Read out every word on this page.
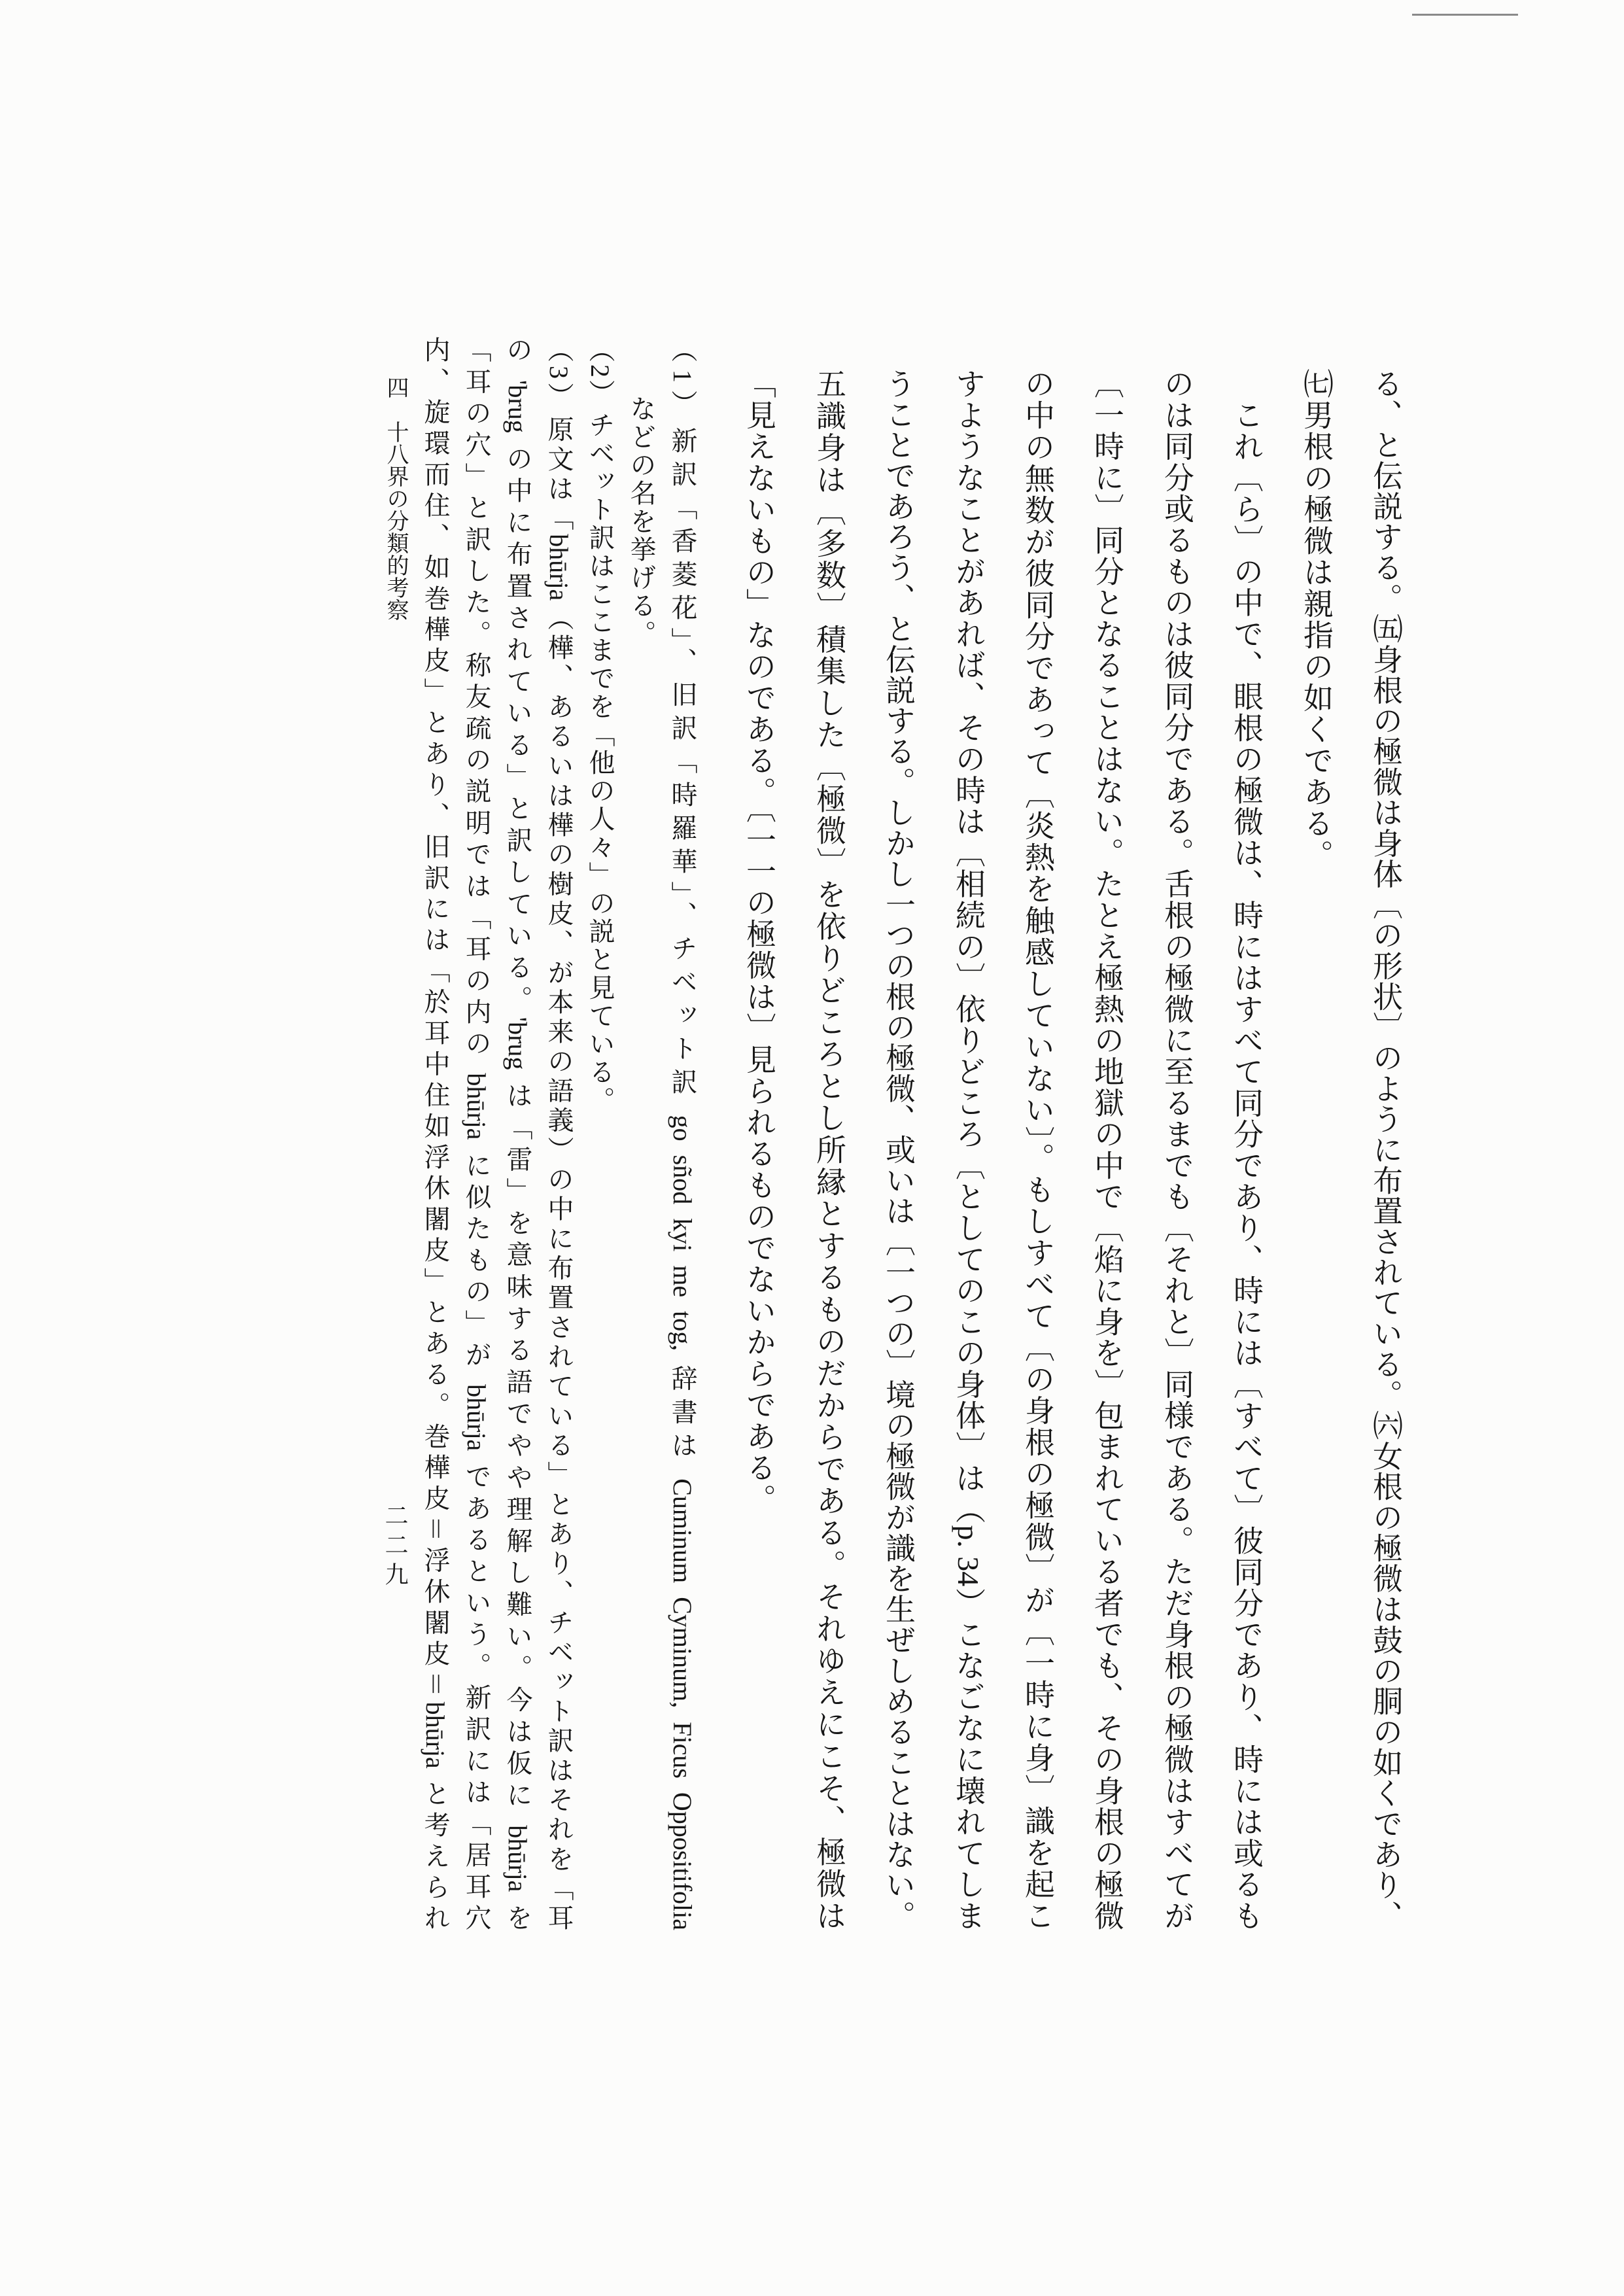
る、と伝説する。㈤身根の極微は身体〔の形状〕のように布置されている。㈥女根の極微は鼓の胴の如くであり、
㈦男根の極微は親指の如くである。
これ〔ら〕の中で、眼根の極微は、時にはすべて同分であり、時には〔すべて〕彼同分であり、時には或るも
のは同分或るものは彼同分である。舌根の極微に至るまでも〔それと〕同様である。ただ身根の極微はすべてが
〔一時に〕同分となることはない。たとえ極熱の地獄の中で〔焰に身を〕包まれている者でも、その身根の極微
の中の無数が彼同分であって〔炎熱を触感していない〕。もしすべて〔の身根の極微〕が〔一時に身〕識を起こ
すようなことがあれば、その時は〔相続の〕依りどころ〔としてのこの身体〕は（p. 34）こなごなに壊れてしま
うことであろう、と伝説する。しかし一つの根の極微、或いは〔一つの〕境の極微が識を生ぜしめることはない。
五識身は〔多数〕積集した〔極微〕を依りどころとし所縁とするものだからである。それゆえにこそ、極微は
「見えないもの」なのである。〔一一の極微は〕見られるものでないからである。
（1）新訳「香菱花」、旧訳「時羅華」、チベット訳 go sñod kyi me tog, 辞書は Cuminum Cyminum, Ficus Oppositifolia
などの名を挙げる。
（2）チベット訳はここまでを「他の人々」の説と見ている。
（3）原文は「bhūrja（樺、あるいは樺の樹皮、が本来の語義）の中に布置されている」とあり、チベット訳はそれを「耳
の 'brug の中に布置されている」と訳している。'brug は「雷」を意味する語でやや理解し難い。今は仮に bhūrja を
「耳の穴」と訳した。称友疏の説明では「耳の内の bhūrja に似たもの」が bhūrja であるという。新訳には「居耳穴
内、旋環而住、如巻樺皮」とあり、旧訳には「於耳中住如浮休闍皮」とある。巻樺皮＝浮休闍皮＝bhūrja と考えられ
四　十八界の分類的考察
二二九
